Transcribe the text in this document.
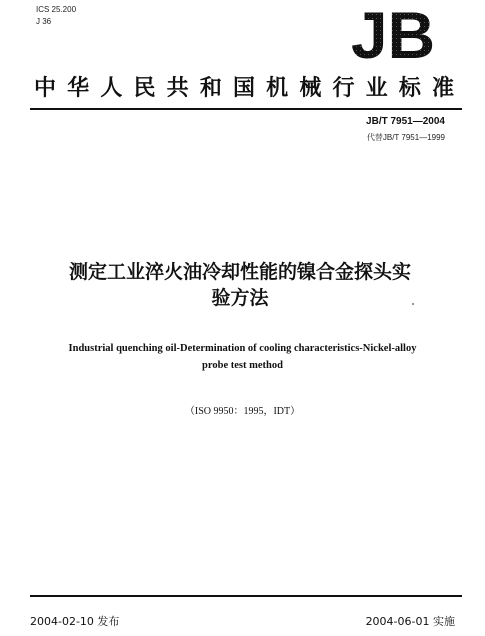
ICS 25.200
J 36	JB
中 华 人 民 共 和 国 机 械 行 业 标 准
JB/T 7951—2004
代替JB/T 7951—1999
测定工业淬火油冷却性能的镍合金探头实
验方法
Industrial quenching oil-Determination of cooling characteristics-Nickel-alloy
probe test method
（ISO 9950：1995，IDT）
2004-02-10 发布	2004-06-01 实施
